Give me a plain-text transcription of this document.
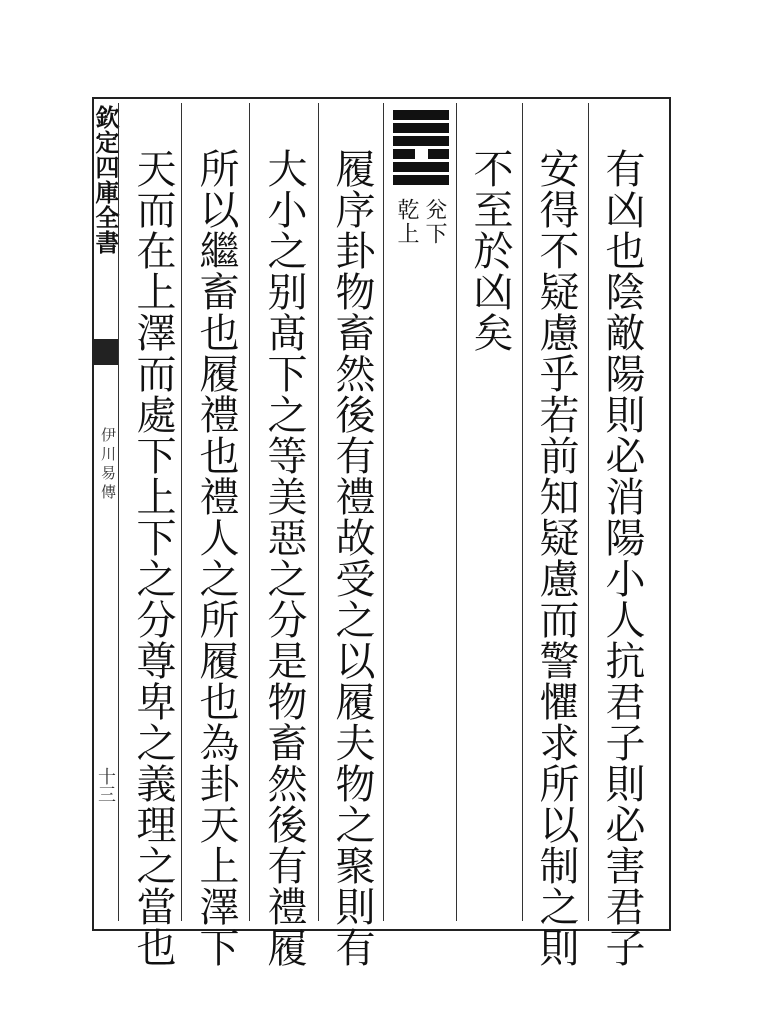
欽定四庫全書
伊川易傳
十三	有凶也陰敵陽則必消陽小人抗君子則必害君子
安得不疑慮乎若前知疑慮而警懼求所以制之則
不至於凶矣
兊下
乾上
履序卦物畜然後有禮故受之以履夫物之聚則有
大小之别髙下之等美惡之分是物畜然後有禮履
所以繼畜也履禮也禮人之所履也為卦天上澤下
天而在上澤而處下上下之分尊卑之義理之當也
